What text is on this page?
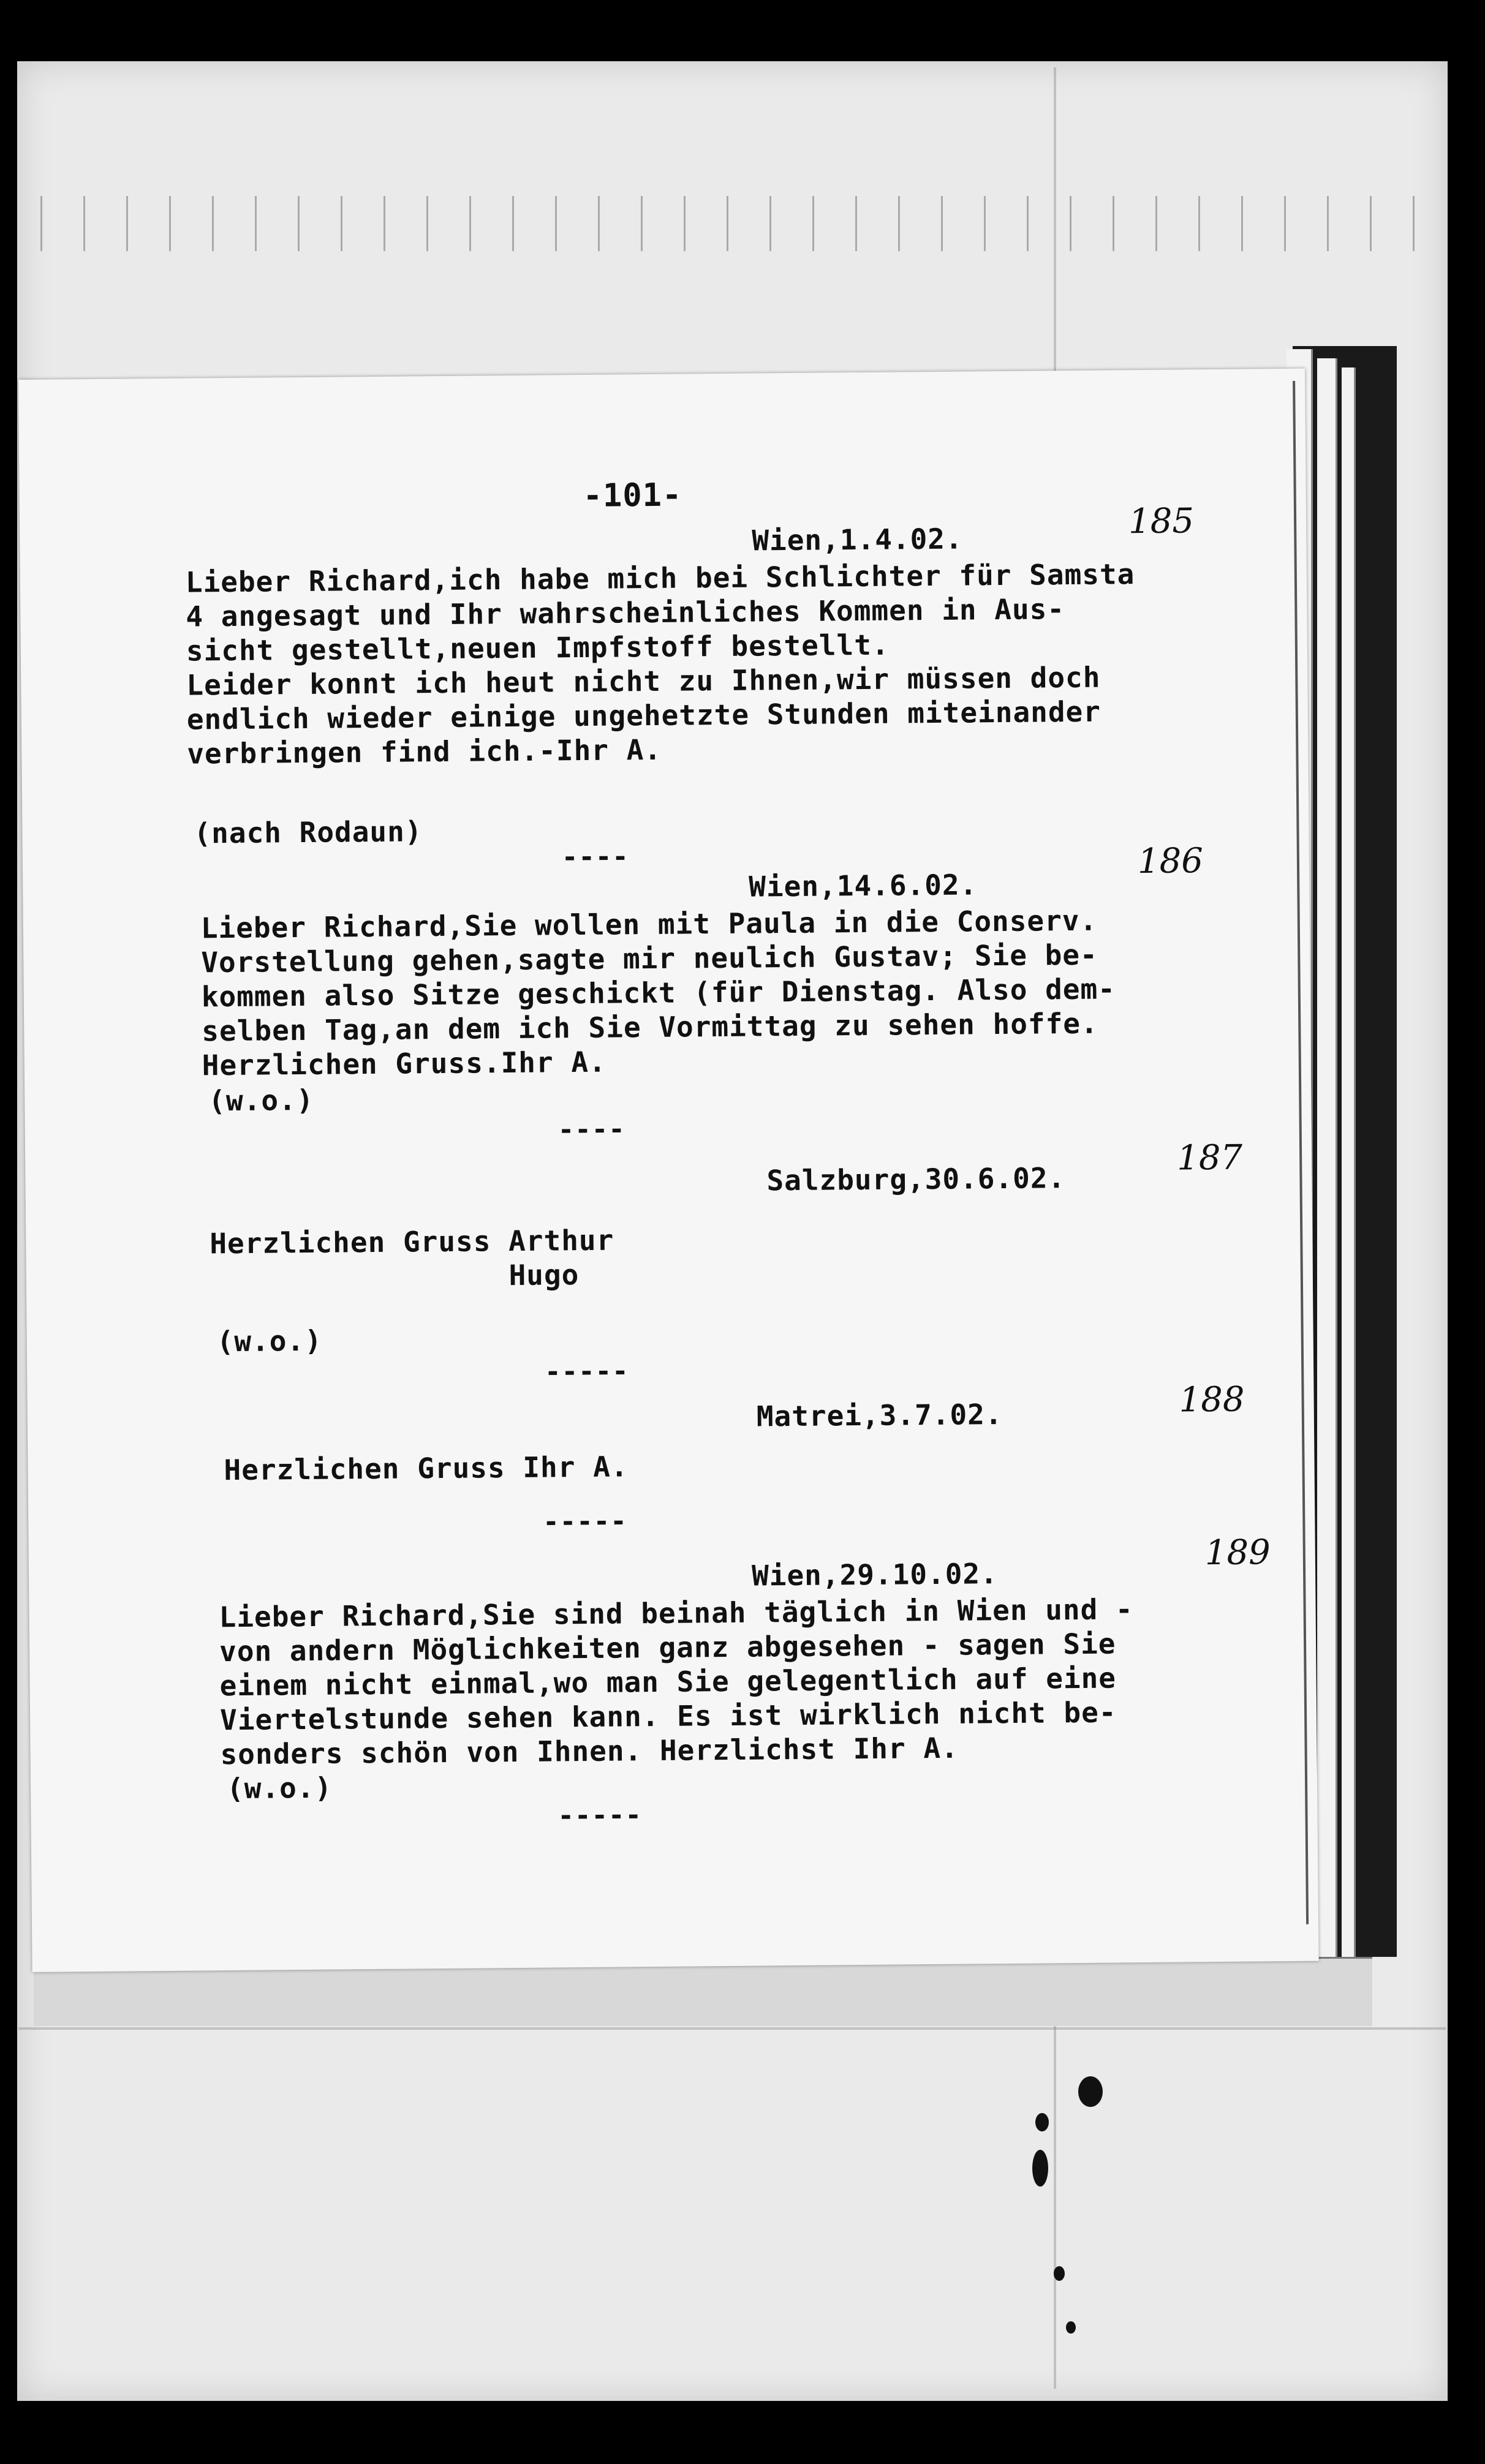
-101-
Wien,1.4.02.	185
Lieber Richard,ich habe mich bei Schlichter für Samsta
4 angesagt und Ihr wahrscheinliches Kommen in Aus-
sicht gestellt,neuen Impfstoff bestellt.
Leider konnt ich heut nicht zu Ihnen,wir müssen doch
endlich wieder einige ungehetzte Stunden miteinander
verbringen find ich.-Ihr A.
(nach Rodaun)
----
Wien,14.6.02.
186
Lieber Richard,Sie wollen mit Paula in die Conserv.
Vorstellung gehen,sagte mir neulich Gustav; Sie be-
kommen also Sitze geschickt (für Dienstag. Also dem-
selben Tag,an dem ich Sie Vormittag zu sehen hoffe.
Herzlichen Gruss.Ihr A.
(w.o.)
----
Salzburg,30.6.02.
187
Herzlichen Gruss Arthur
Hugo
(w.o.)
-----
Matrei,3.7.02.	188
Herzlichen Gruss Ihr A.
-----
Wien,29.10.02.
189
Lieber Richard,Sie sind beinah täglich in Wien und -
von andern Möglichkeiten ganz abgesehen - sagen Sie
einem nicht einmal,wo man Sie gelegentlich auf eine
Viertelstunde sehen kann. Es ist wirklich nicht be-
sonders schön von Ihnen. Herzlichst Ihr A.
(w.o.)
-----
